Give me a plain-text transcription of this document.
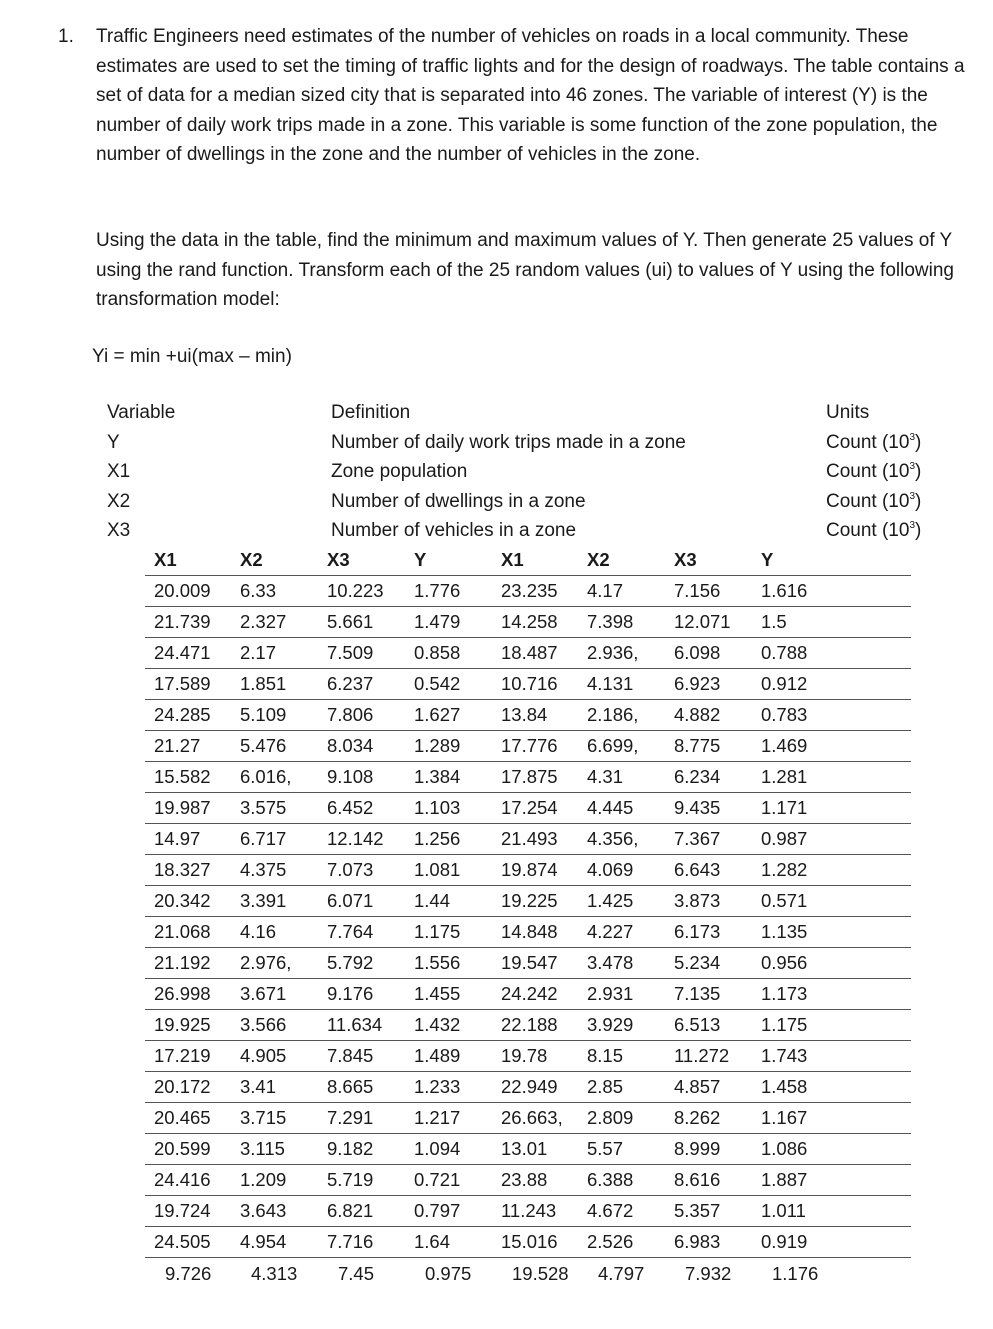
1. Traffic Engineers need estimates of the number of vehicles on roads in a local community. These estimates are used to set the timing of traffic lights and for the design of roadways. The table contains a set of data for a median sized city that is separated into 46 zones. The variable of interest (Y) is the number of daily work trips made in a zone. This variable is some function of the zone population, the number of dwellings in the zone and the number of vehicles in the zone.

Using the data in the table, find the minimum and maximum values of Y. Then generate 25 values of Y using the rand function. Transform each of the 25 random values (ui) to values of Y using the following transformation model:

Yi = min +ui(max – min)
Variable	Definition	Units
Y	Number of daily work trips made in a zone	Count $(10^3)$
X1	Zone population	Count $(10^3)$
X2	Number of dwellings in a zone	Count $(10^3)$
X3	Number of vehicles in a zone	Count $(10^3)$
X1	X2	X3	Y	X1	X2	X3	Y
20.009	6.33	10.223	1.776	23.235	4.17	7.156	1.616
21.739	2.327	5.661	1.479	14.258	7.398	12.071	1.5
24.471	2.17	7.509	0.858	18.487	2.936,	6.098	0.788
17.589	1.851	6.237	0.542	10.716	4.131	6.923	0.912
24.285	5.109	7.806	1.627	13.84	2.186,	4.882	0.783
21.27	5.476	8.034	1.289	17.776	6.699,	8.775	1.469
15.582	6.016,	9.108	1.384	17.875	4.31	6.234	1.281
19.987	3.575	6.452	1.103	17.254	4.445	9.435	1.171
14.97	6.717	12.142	1.256	21.493	4.356,	7.367	0.987
18.327	4.375	7.073	1.081	19.874	4.069	6.643	1.282
20.342	3.391	6.071	1.44	19.225	1.425	3.873	0.571
21.068	4.16	7.764	1.175	14.848	4.227	6.173	1.135
21.192	2.976,	5.792	1.556	19.547	3.478	5.234	0.956
26.998	3.671	9.176	1.455	24.242	2.931	7.135	1.173
19.925	3.566	11.634	1.432	22.188	3.929	6.513	1.175
17.219	4.905	7.845	1.489	19.78	8.15	11.272	1.743
20.172	3.41	8.665	1.233	22.949	2.85	4.857	1.458
20.465	3.715	7.291	1.217	26.663,	2.809	8.262	1.167
20.599	3.115	9.182	1.094	13.01	5.57	8.999	1.086
24.416	1.209	5.719	0.721	23.88	6.388	8.616	1.887
19.724	3.643	6.821	0.797	11.243	4.672	5.357	1.011
24.505	4.954	7.716	1.64	15.016	2.526	6.983	0.919
9.726	4.313	7.45	0.975	19.528	4.797	7.932	1.176
